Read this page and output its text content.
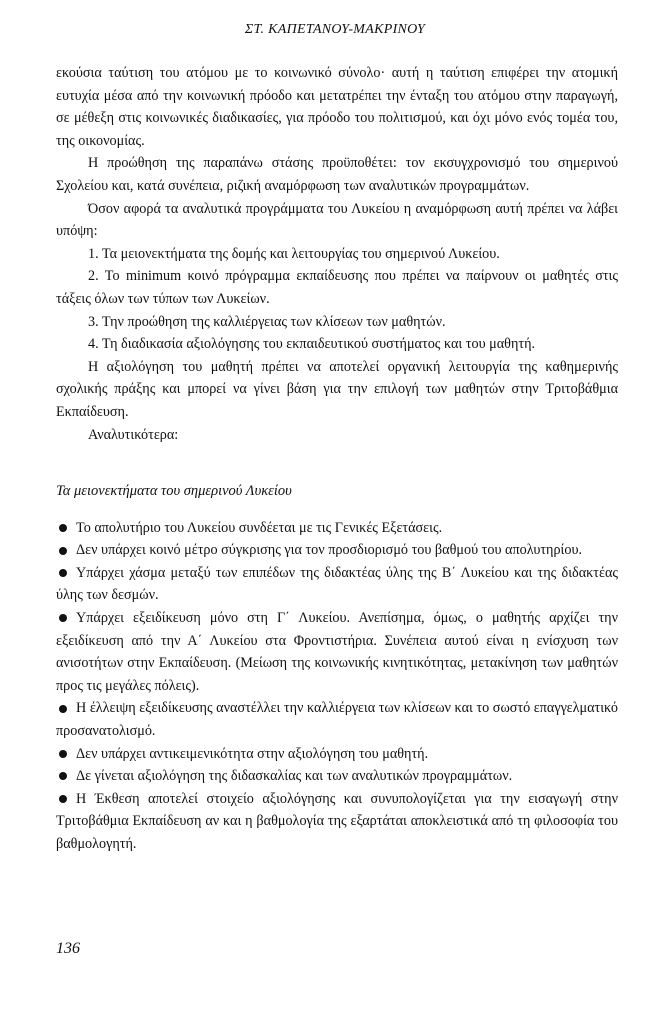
ΣΤ. ΚΑΠΕΤΑΝΟΥ-ΜΑΚΡΙΝΟΥ

εκούσια ταύτιση του ατόμου με το κοινωνικό σύνολο· αυτή η ταύτιση επιφέρει την ατομική ευτυχία μέσα από την κοινωνική πρόοδο και μετατρέπει την ένταξη του ατόμου στην παραγωγή, σε μέθεξη στις κοινωνικές διαδικασίες, για πρόοδο του πολιτισμού, και όχι μόνο ενός τομέα του, της οικονομίας.

Η προώθηση της παραπάνω στάσης προϋποθέτει: τον εκσυγχρονισμό του σημερινού Σχολείου και, κατά συνέπεια, ριζική αναμόρφωση των αναλυτικών προγραμμάτων.

Όσον αφορά τα αναλυτικά προγράμματα του Λυκείου η αναμόρφωση αυτή πρέπει να λάβει υπόψη:

1. Τα μειονεκτήματα της δομής και λειτουργίας του σημερινού Λυκείου.

2. Το minimum κοινό πρόγραμμα εκπαίδευσης που πρέπει να παίρνουν οι μαθητές στις τάξεις όλων των τύπων των Λυκείων.

3. Την προώθηση της καλλιέργειας των κλίσεων των μαθητών.

4. Τη διαδικασία αξιολόγησης του εκπαιδευτικού συστήματος και του μαθητή.

Η αξιολόγηση του μαθητή πρέπει να αποτελεί οργανική λειτουργία της καθημερινής σχολικής πράξης και μπορεί να γίνει βάση για την επιλογή των μαθητών στην Τριτοβάθμια Εκπαίδευση.

Αναλυτικότερα:

Τα μειονεκτήματα του σημερινού Λυκείου

Το απολυτήριο του Λυκείου συνδέεται με τις Γενικές Εξετάσεις.
Δεν υπάρχει κοινό μέτρο σύγκρισης για τον προσδιορισμό του βαθμού του απολυτηρίου.
Υπάρχει χάσμα μεταξύ των επιπέδων της διδακτέας ύλης της Β΄ Λυκείου και της διδακτέας ύλης των δεσμών.
Υπάρχει εξειδίκευση μόνο στη Γ΄ Λυκείου. Ανεπίσημα, όμως, ο μαθητής αρχίζει την εξειδίκευση από την Α΄ Λυκείου στα Φροντιστήρια. Συνέπεια αυτού είναι η ενίσχυση των ανισοτήτων στην Εκπαίδευση. (Μείωση της κοινωνικής κινητικότητας, μετακίνηση των μαθητών προς τις μεγάλες πόλεις).
Η έλλειψη εξειδίκευσης αναστέλλει την καλλιέργεια των κλίσεων και το σωστό επαγγελματικό προσανατολισμό.
Δεν υπάρχει αντικειμενικότητα στην αξιολόγηση του μαθητή.
Δε γίνεται αξιολόγηση της διδασκαλίας και των αναλυτικών προγραμμάτων.
Η Έκθεση αποτελεί στοιχείο αξιολόγησης και συνυπολογίζεται για την εισαγωγή στην Τριτοβάθμια Εκπαίδευση αν και η βαθμολογία της εξαρτάται αποκλειστικά από τη φιλοσοφία του βαθμολογητή.
136
